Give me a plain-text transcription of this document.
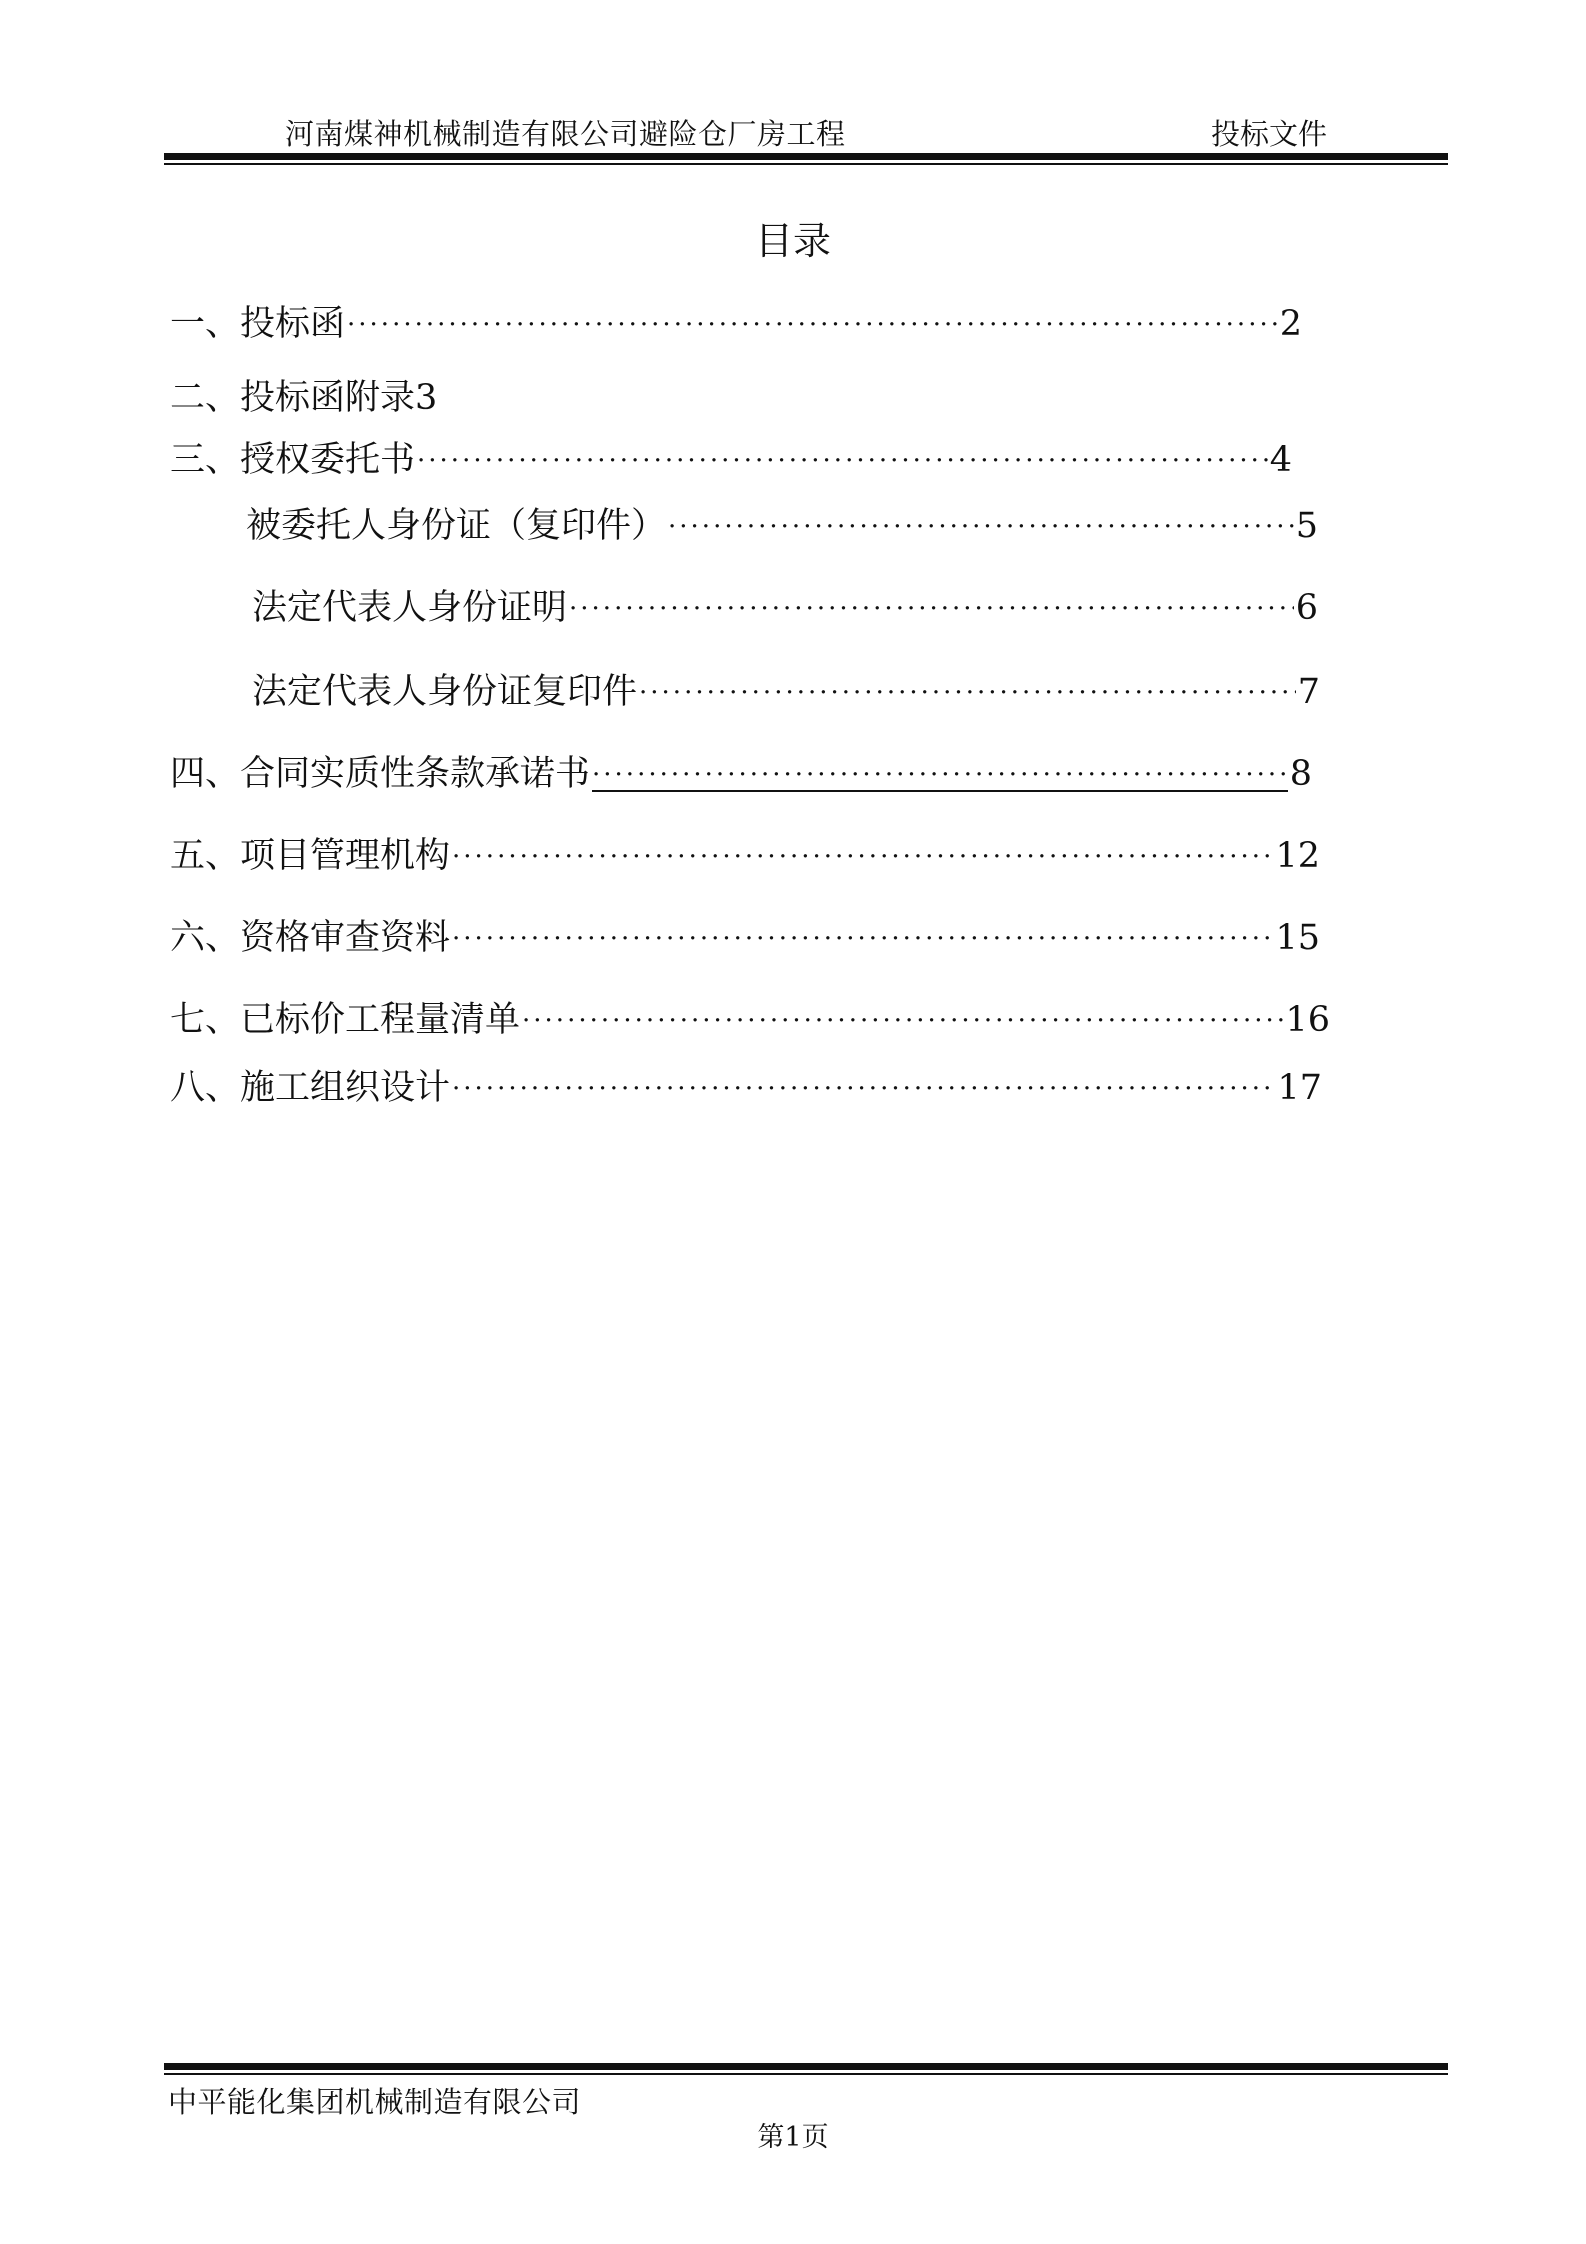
河南煤神机械制造有限公司避险仓厂房工程	投标文件
目录
一、投标函 ·····	2
二、投标函附录3
三、授权委托书 ·····	4
被委托人身份证（复印件） ·····	5
法定代表人身份证明 ·····	6
法定代表人身份证复印件 ·····	7
四、合同实质性条款承诺书 ·····	8
五、项目管理机构 ·····	12
六、资格审查资料 ·····	15
七、已标价工程量清单 ·····	16
八、施工组织设计 ·····	17
中平能化集团机械制造有限公司
第1页
